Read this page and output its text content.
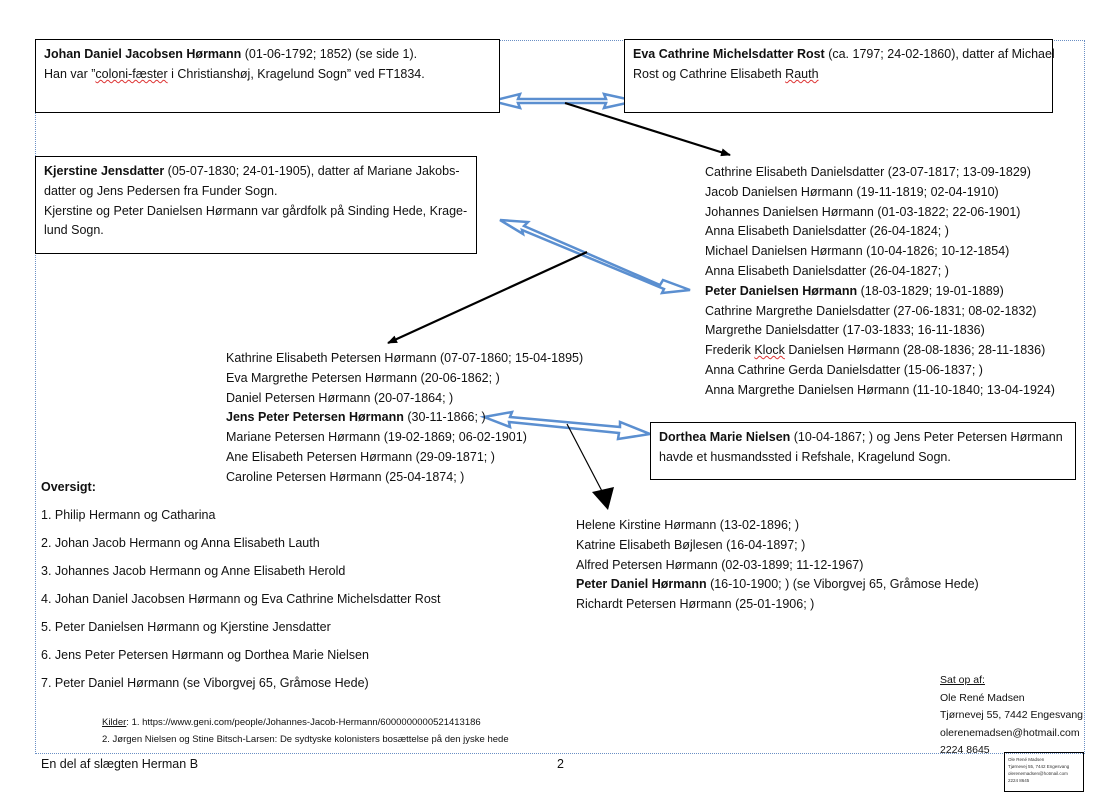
Johan Daniel Jacobsen Hørmann (01-06-1792; 1852) (se side 1).
Han var ”coloni-fæster i Christianshøj, Kragelund Sogn” ved FT1834.
Eva Cathrine Michelsdatter Rost (ca. 1797; 24-02-1860), datter af Michael
Rost og Cathrine Elisabeth Rauth
Kjerstine Jensdatter (05-07-1830; 24-01-1905), datter af Mariane Jakobs-
datter og Jens Pedersen fra Funder Sogn.
Kjerstine og Peter Danielsen Hørmann var gårdfolk på Sinding Hede, Krage-
lund Sogn.
Dorthea Marie Nielsen (10-04-1867; ) og Jens Peter Petersen Hørmann
havde et husmandssted i Refshale, Kragelund Sogn.
Cathrine Elisabeth Danielsdatter (23-07-1817; 13-09-1829)
Jacob Danielsen Hørmann (19-11-1819; 02-04-1910)
Johannes Danielsen Hørmann (01-03-1822; 22-06-1901)
Anna Elisabeth Danielsdatter (26-04-1824; )
Michael Danielsen Hørmann (10-04-1826; 10-12-1854)
Anna Elisabeth Danielsdatter (26-04-1827; )
Peter Danielsen Hørmann (18-03-1829; 19-01-1889)
Cathrine Margrethe Danielsdatter (27-06-1831; 08-02-1832)
Margrethe Danielsdatter (17-03-1833; 16-11-1836)
Frederik Klock Danielsen Hørmann (28-08-1836; 28-11-1836)
Anna Cathrine Gerda Danielsdatter (15-06-1837; )
Anna Margrethe Danielsen Hørmann (11-10-1840; 13-04-1924)
Kathrine Elisabeth Petersen Hørmann (07-07-1860; 15-04-1895)
Eva Margrethe Petersen Hørmann (20-06-1862; )
Daniel Petersen Hørmann (20-07-1864; )
Jens Peter Petersen Hørmann (30-11-1866; )
Mariane Petersen Hørmann (19-02-1869; 06-02-1901)
Ane Elisabeth Petersen Hørmann (29-09-1871; )
Caroline Petersen Hørmann (25-04-1874; )
Helene Kirstine Hørmann (13-02-1896; )
Katrine Elisabeth Bøjlesen (16-04-1897; )
Alfred Petersen Hørmann (02-03-1899; 11-12-1967)
Peter Daniel Hørmann (16-10-1900; ) (se Viborgvej 65, Gråmose Hede)
Richardt Petersen Hørmann (25-01-1906; )
Oversigt:
1. Philip Hermann og Catharina
2. Johan Jacob Hermann og Anna Elisabeth Lauth
3. Johannes Jacob Hermann og Anne Elisabeth Herold
4. Johan Daniel Jacobsen Hørmann og Eva Cathrine Michelsdatter Rost
5. Peter Danielsen Hørmann og Kjerstine Jensdatter
6. Jens Peter Petersen Hørmann og Dorthea Marie Nielsen
7. Peter Daniel Hørmann (se Viborgvej 65, Gråmose Hede)
Kilder: 1. https://www.geni.com/people/Johannes-Jacob-Hermann/6000000000521413186
2. Jørgen Nielsen og Stine Bitsch-Larsen: De sydtyske kolonisters bosættelse på den jyske hede
Sat op af:
Ole René Madsen
Tjørnevej 55, 7442 Engesvang
olerenemadsen@hotmail.com
2224 8645
En del af slægten Herman B	2	Ole René Madsen
Tjørnevej 55, 7442 Engesvang
olerenemadsen@hotmail.com
2224 8645
